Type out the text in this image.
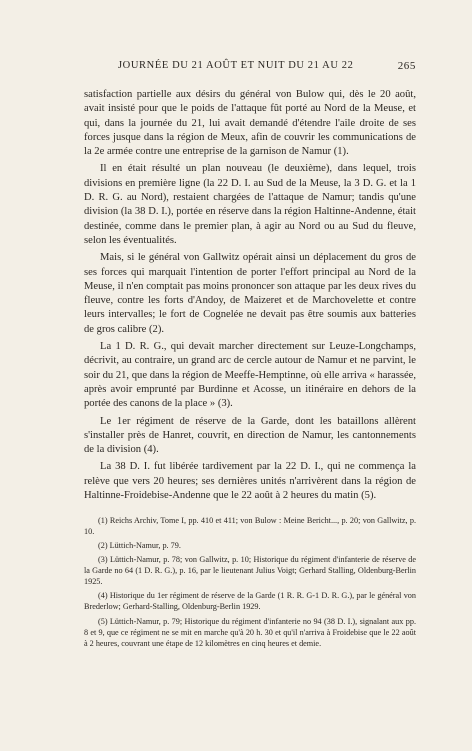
JOURNÉE DU 21 AOÛT ET NUIT DU 21 AU 22	265

satisfaction partielle aux désirs du général von Bulow qui, dès le 20 août, avait insisté pour que le poids de l'attaque fût porté au Nord de la Meuse, et qui, dans la journée du 21, lui avait demandé d'étendre l'aile droite de ses forces jusque dans la région de Meux, afin de couvrir les communications de la 2e armée contre une entreprise de la garnison de Namur (1).

Il en était résulté un plan nouveau (le deuxième), dans lequel, trois divisions en première ligne (la 22 D. I. au Sud de la Meuse, la 3 D. G. et la 1 D. R. G. au Nord), restaient chargées de l'attaque de Namur; tandis qu'une division (la 38 D. I.), portée en réserve dans la région Haltinne-Andenne, était destinée, comme dans le premier plan, à agir au Nord ou au Sud du fleuve, selon les éventualités.

Mais, si le général von Gallwitz opérait ainsi un déplacement du gros de ses forces qui marquait l'intention de porter l'effort principal au Nord de la Meuse, il n'en comptait pas moins prononcer son attaque par les deux rives du fleuve, contre les forts d'Andoy, de Maizeret et de Marchovelette et contre leurs intervalles; le fort de Cognelée ne devait pas être soumis aux batteries de gros calibre (2).

La 1 D. R. G., qui devait marcher directement sur Leuze-Longchamps, décrivit, au contraire, un grand arc de cercle autour de Namur et ne parvint, le soir du 21, que dans la région de Meeffe-Hemptinne, où elle arriva « harassée, après avoir emprunté par Burdinne et Acosse, un itinéraire en dehors de la portée des canons de la place » (3).

Le 1er régiment de réserve de la Garde, dont les bataillons allèrent s'installer près de Hanret, couvrit, en direction de Namur, les cantonnements de la division (4).

La 38 D. I. fut libérée tardivement par la 22 D. I., qui ne commença la relève que vers 20 heures; ses dernières unités n'arrivèrent dans la région de Haltinne-Froidebise-Andenne que le 22 août à 2 heures du matin (5).

(1) Reichs Archiv, Tome I, pp. 410 et 411; von Bulow : Meine Bericht..., p. 20; von Gallwitz, p. 10.

(2) Lüttich-Namur, p. 79.

(3) Lüttich-Namur, p. 78; von Gallwitz, p. 10; Historique du régiment d'infanterie de réserve de la Garde no 64 (1 D. R. G.), p. 16, par le lieutenant Julius Voigt; Gerhard Stalling, Oldenburg-Berlin 1925.

(4) Historique du 1er régiment de réserve de la Garde (1 R. R. G-1 D. R. G.), par le général von Brederlow; Gerhard-Stalling, Oldenburg-Berlin 1929.

(5) Lüttich-Namur, p. 79; Historique du régiment d'infanterie no 94 (38 D. I.), signalant aux pp. 8 et 9, que ce régiment ne se mit en marche qu'à 20 h. 30 et qu'il n'arriva à Froidebise que le 22 août à 2 heures, couvrant une étape de 12 kilomètres en cinq heures et demie.
